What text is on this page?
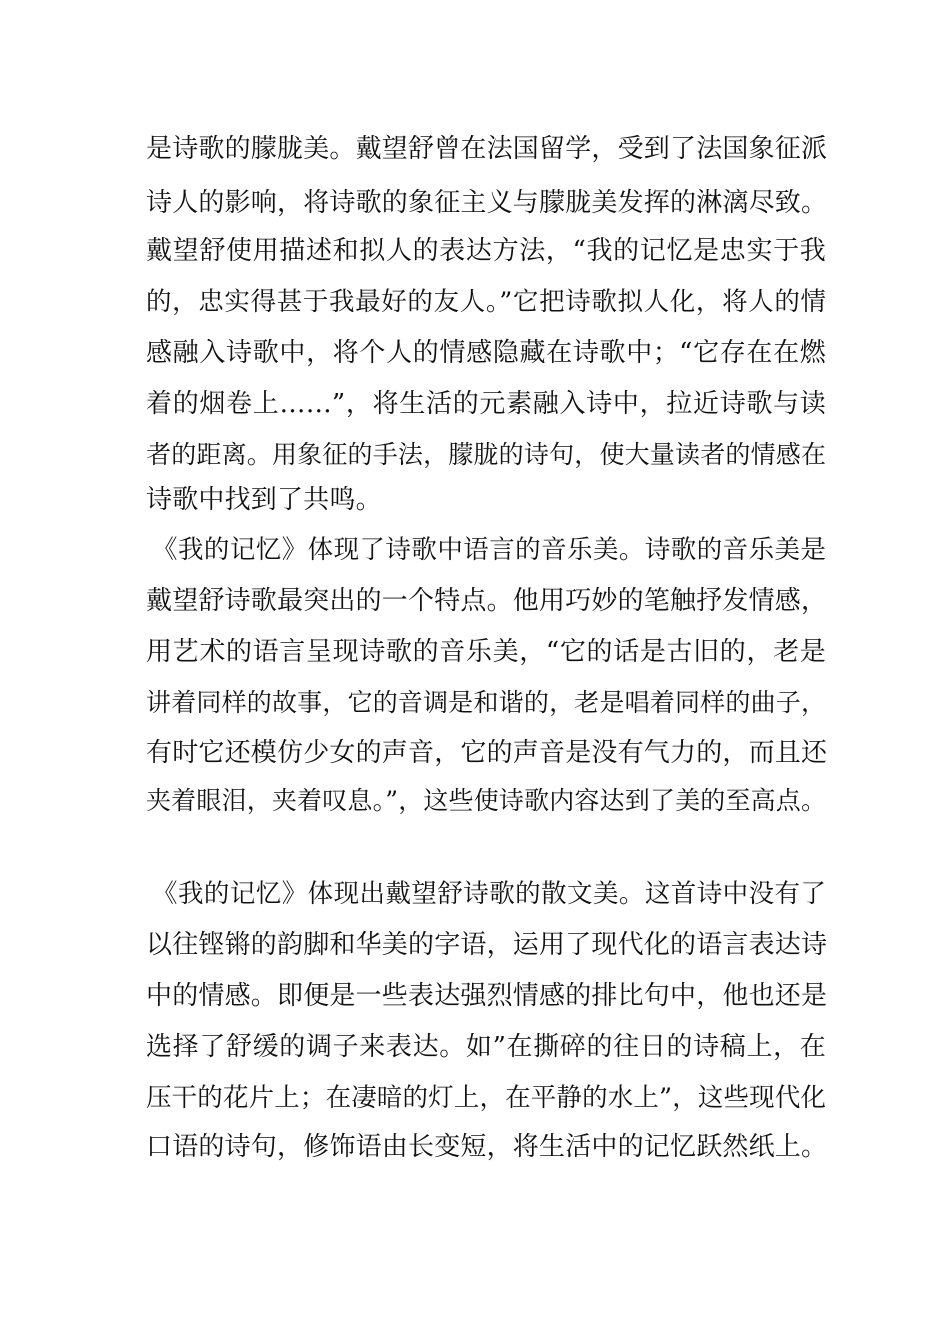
是诗歌的朦胧美。戴望舒曾在法国留学，受到了法国象征派
诗人的影响，将诗歌的象征主义与朦胧美发挥的淋漓尽致。
戴望舒使用描述和拟人的表达方法，“我的记忆是忠实于我
的，忠实得甚于我最好的友人。”它把诗歌拟人化，将人的情
感融入诗歌中，将个人的情感隐藏在诗歌中；“它存在在燃
着的烟卷上……”，将生活的元素融入诗中，拉近诗歌与读
者的距离。用象征的手法，朦胧的诗句，使大量读者的情感在
诗歌中找到了共鸣。
《我的记忆》体现了诗歌中语言的音乐美。诗歌的音乐美是
戴望舒诗歌最突出的一个特点。他用巧妙的笔触抒发情感，
用艺术的语言呈现诗歌的音乐美，“它的话是古旧的，老是
讲着同样的故事，它的音调是和谐的，老是唱着同样的曲子，
有时它还模仿少女的声音，它的声音是没有气力的，而且还
夹着眼泪，夹着叹息。”，这些使诗歌内容达到了美的至高点。
《我的记忆》体现出戴望舒诗歌的散文美。这首诗中没有了
以往铿锵的韵脚和华美的字语，运用了现代化的语言表达诗
中的情感。即便是一些表达强烈情感的排比句中，他也还是
选择了舒缓的调子来表达。如”在撕碎的往日的诗稿上，在
压干的花片上；在凄暗的灯上，在平静的水上”，这些现代化
口语的诗句，修饰语由长变短，将生活中的记忆跃然纸上。
